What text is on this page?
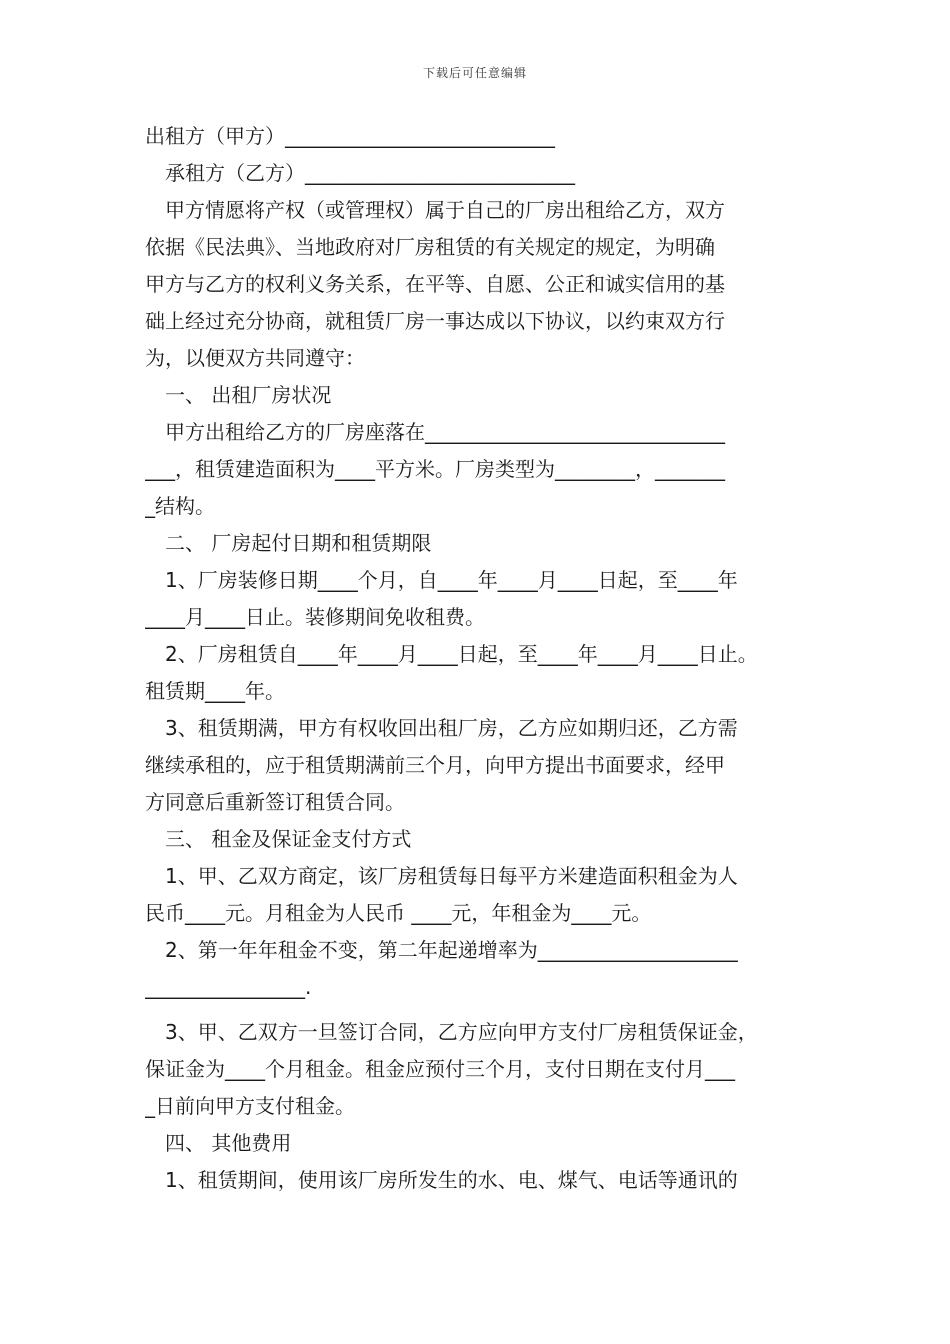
下载后可任意编辑
出租方（甲方）___________________________
承租方（乙方）___________________________
甲方情愿将产权（或管理权）属于自己的厂房出租给乙方，双方
依据《民法典》、当地政府对厂房租赁的有关规定的规定，为明确
甲方与乙方的权利义务关系，在平等、自愿、公正和诚实信用的基
础上经过充分协商，就租赁厂房一事达成以下协议，以约束双方行
为，以便双方共同遵守：
一、 出租厂房状况
甲方出租给乙方的厂房座落在______________________________
___，租赁建造面积为____平方米。厂房类型为________，_______
_结构。
二、 厂房起付日期和租赁期限
1、厂房装修日期____个月，自____年____月____日起，至____年
____月____日止。装修期间免收租费。
2、厂房租赁自____年____月____日起，至____年____月____日止。
租赁期____年。
3、租赁期满，甲方有权收回出租厂房，乙方应如期归还，乙方需
继续承租的，应于租赁期满前三个月，向甲方提出书面要求，经甲
方同意后重新签订租赁合同。
三、 租金及保证金支付方式
1、甲、乙双方商定，该厂房租赁每日每平方米建造面积租金为人
民币____元。月租金为人民币 ____元，年租金为____元。
2、第一年年租金不变，第二年起递增率为____________________
________________.
3、甲、乙双方一旦签订合同，乙方应向甲方支付厂房租赁保证金，
保证金为____个月租金。租金应预付三个月，支付日期在支付月___
_日前向甲方支付租金。
四、 其他费用
1、租赁期间，使用该厂房所发生的水、电、煤气、电话等通讯的
